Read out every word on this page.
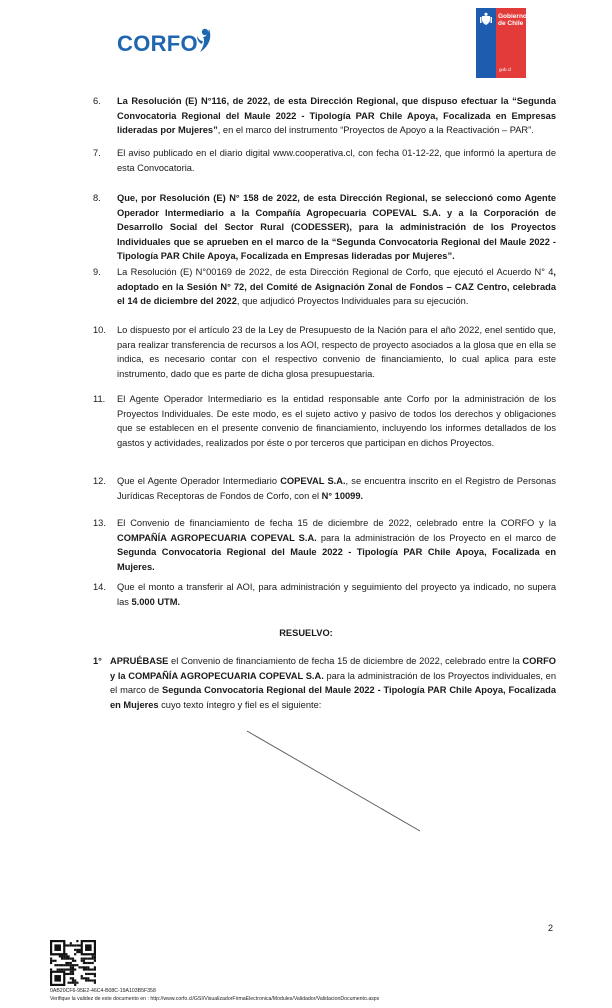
CORFO
Gobierno
de Chile
gob.cl
6.	La Resolución (E) N°116, de 2022, de esta Dirección Regional, que dispuso efectuar la “Segunda Convocatoria Regional del Maule 2022 - Tipología PAR Chile Apoya, Focalizada en Empresas lideradas por Mujeres”, en el marco del instrumento “Proyectos de Apoyo a la Reactivación – PAR”.
7.	El aviso publicado en el diario digital www.cooperativa.cl, con fecha 01-12-22, que informó la apertura de esta Convocatoria.
8.	Que, por Resolución (E) N° 158 de 2022, de esta Dirección Regional, se seleccionó como Agente Operador Intermediario a la Compañía Agropecuaria COPEVAL S.A. y a la Corporación de Desarrollo Social del Sector Rural (CODESSER), para la administración de los Proyectos Individuales que se aprueben en el marco de la “Segunda Convocatoria Regional del Maule 2022 - Tipología PAR Chile Apoya, Focalizada en Empresas lideradas por Mujeres”.
9.	La Resolución (E) N°00169 de 2022, de esta Dirección Regional de Corfo, que ejecutó el Acuerdo N° 4, adoptado en la Sesión N° 72, del Comité de Asignación Zonal de Fondos – CAZ Centro, celebrada el 14 de diciembre del 2022, que adjudicó Proyectos Individuales para su ejecución.
10.	Lo dispuesto por el artículo 23 de la Ley de Presupuesto de la Nación para el año 2022, enel sentido que, para realizar transferencia de recursos a los AOI, respecto de proyecto asociados a la glosa que en ella se indica, es necesario contar con el respectivo convenio de financiamiento, lo cual aplica para este instrumento, dado que es parte de dicha glosa presupuestaria.
11.	El Agente Operador Intermediario es la entidad responsable ante Corfo por la administración de los Proyectos Individuales. De este modo, es el sujeto activo y pasivo de todos los derechos y obligaciones que se establecen en el presente convenio de financiamiento, incluyendo los informes detallados de los gastos y actividades, realizados por éste o por terceros que participan en dichos Proyectos.
12.	Que el Agente Operador Intermediario COPEVAL S.A., se encuentra inscrito en el Registro de Personas Jurídicas Receptoras de Fondos de Corfo, con el N° 10099.
13.	El Convenio de financiamiento de fecha 15 de diciembre de 2022, celebrado entre la CORFO y la COMPAÑÍA AGROPECUARIA COPEVAL S.A. para la administración de los Proyecto en el marco de Segunda Convocatoria Regional del Maule 2022 - Tipología PAR Chile Apoya, Focalizada en Mujeres.
14.	Que el monto a transferir al AOI, para administración y seguimiento del proyecto ya indicado, no supera las 5.000 UTM.
RESUELVO:
1° APRUÉBASE el Convenio de financiamiento de fecha 15 de diciembre de 2022, celebrado entre la CORFO y la COMPAÑÍA AGROPECUARIA COPEVAL S.A. para la administración de los Proyectos individuales, en el marco de Segunda Convocatoria Regional del Maule 2022 - Tipología PAR Chile Apoya, Focalizada en Mujeres cuyo texto íntegro y fiel es el siguiente:
2
0AB20CF6-95E2-46C4-B08C-19A103B5F358
Verifique la validez de este documento en : http://www.corfo.cl/GSI/VisualizadorFirmaElectronica/Modules/Validador/ValidacionDocumento.aspx
